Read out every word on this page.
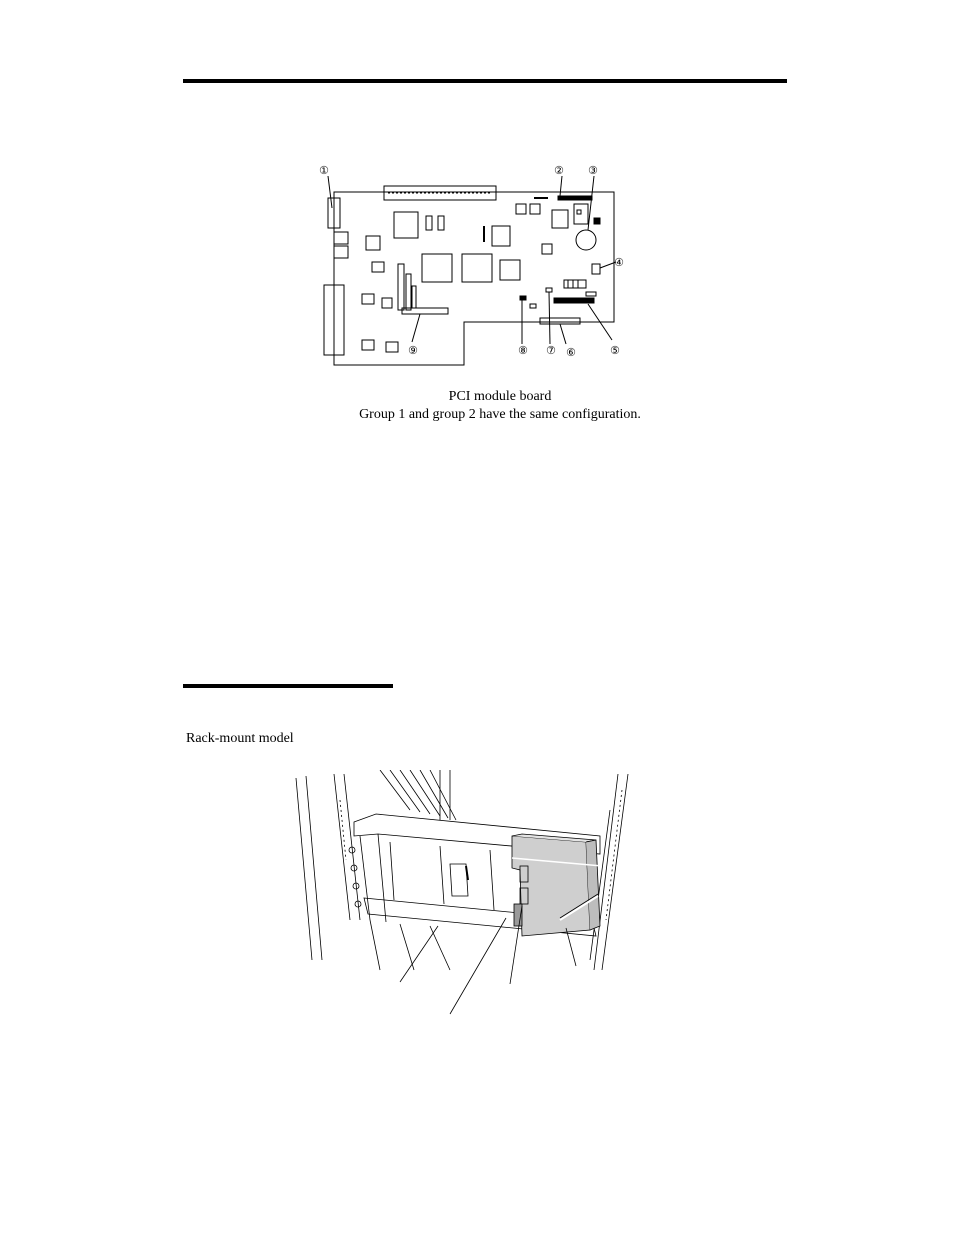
①	② ③
④
⑤
⑥
⑦
⑧
⑨
PCI module board
Group 1 and group 2 have the same configuration.
Rack-mount model
